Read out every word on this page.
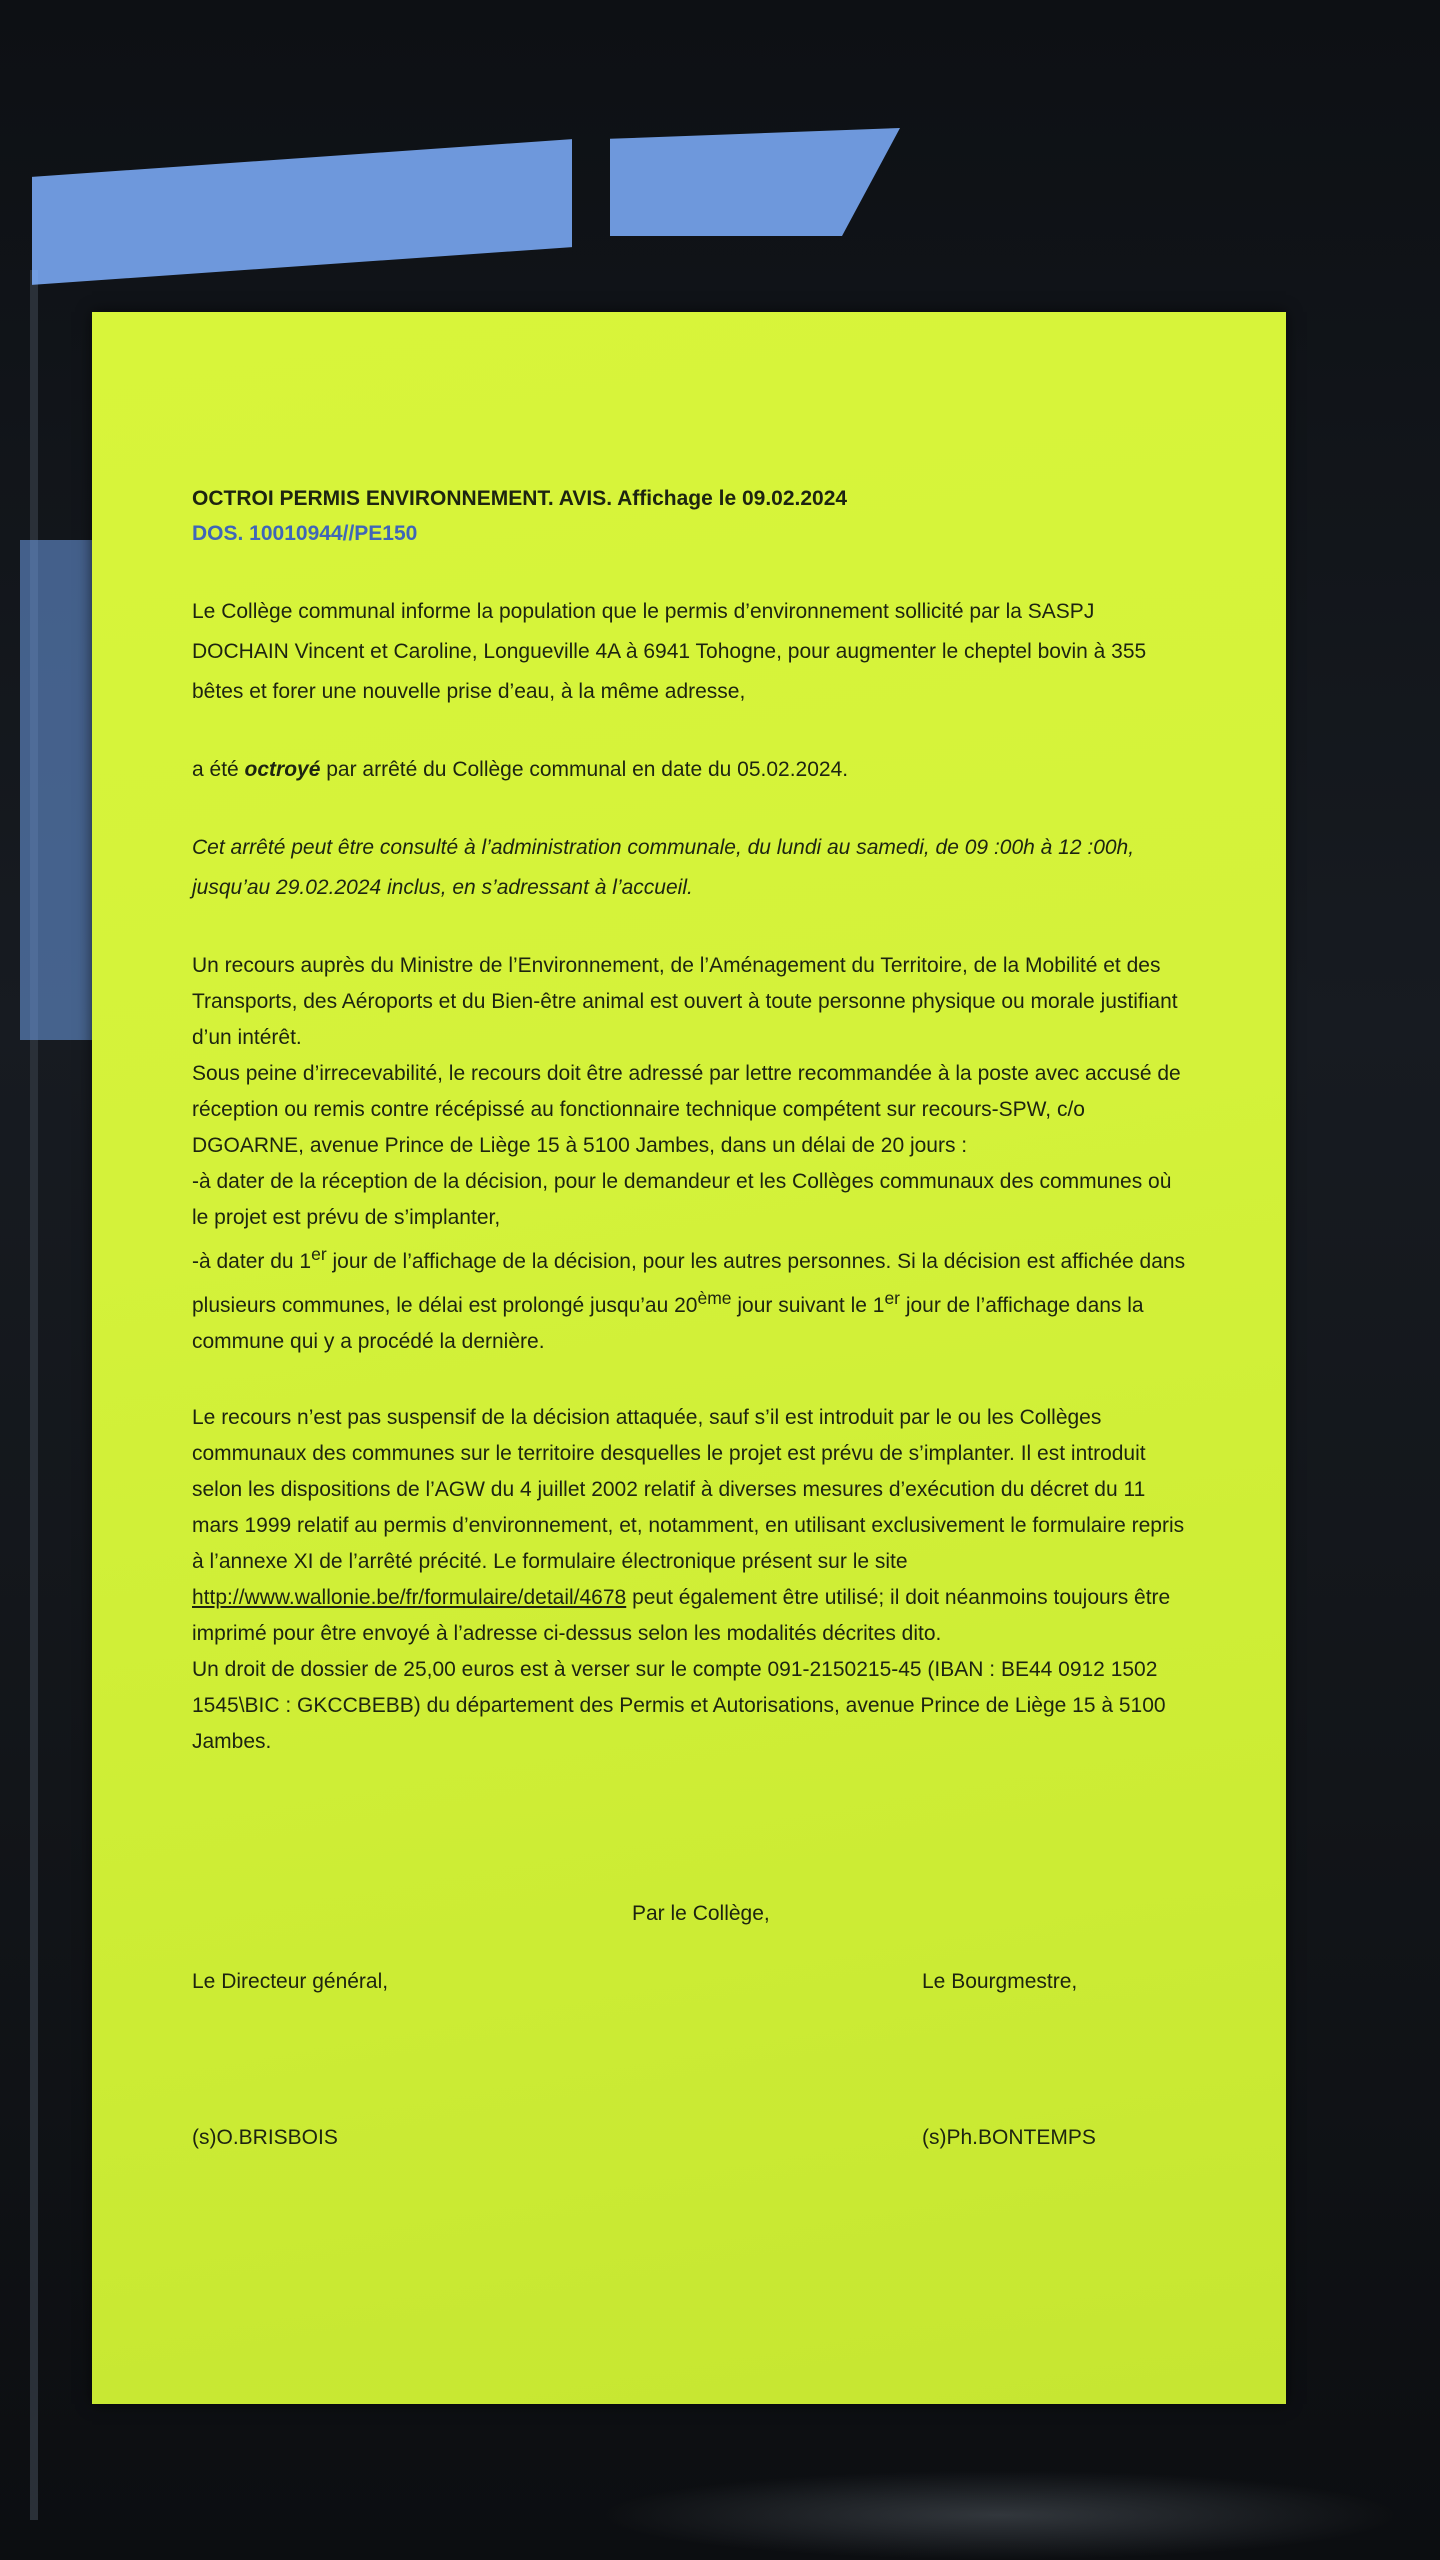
OCTROI PERMIS ENVIRONNEMENT. AVIS. Affichage le 09.02.2024
DOS. 10010944//PE150

Le Collège communal informe la population que le permis d’environnement sollicité par la SASPJ DOCHAIN Vincent et Caroline, Longueville 4A à 6941 Tohogne, pour augmenter le cheptel bovin à 355 bêtes et forer une nouvelle prise d’eau, à la même adresse,

a été octroyé par arrêté du Collège communal en date du 05.02.2024.

Cet arrêté peut être consulté à l’administration communale, du lundi au samedi, de 09 :00h à 12 :00h, jusqu’au 29.02.2024 inclus, en s’adressant à l’accueil.

Un recours auprès du Ministre de l’Environnement, de l’Aménagement du Territoire, de la Mobilité et des Transports, des Aéroports et du Bien-être animal est ouvert à toute personne physique ou morale justifiant d’un intérêt.

Sous peine d’irrecevabilité, le recours doit être adressé par lettre recommandée à la poste avec accusé de réception ou remis contre récépissé au fonctionnaire technique compétent sur recours-SPW, c/o DGOARNE, avenue Prince de Liège 15 à 5100 Jambes, dans un délai de 20 jours :

-à dater de la réception de la décision, pour le demandeur et les Collèges communaux des communes où le projet est prévu de s’implanter,

-à dater du 1er jour de l’affichage de la décision, pour les autres personnes. Si la décision est affichée dans plusieurs communes, le délai est prolongé jusqu’au 20ème jour suivant le 1er jour de l’affichage dans la commune qui y a procédé la dernière.

Le recours n’est pas suspensif de la décision attaquée, sauf s’il est introduit par le ou les Collèges communaux des communes sur le territoire desquelles le projet est prévu de s’implanter. Il est introduit selon les dispositions de l’AGW du 4 juillet 2002 relatif à diverses mesures d’exécution du décret du 11 mars 1999 relatif au permis d’environnement, et, notamment, en utilisant exclusivement le formulaire repris à l’annexe XI de l’arrêté précité. Le formulaire électronique présent sur le site http://www.wallonie.be/fr/formulaire/detail/4678 peut également être utilisé; il doit néanmoins toujours être imprimé pour être envoyé à l’adresse ci-dessus selon les modalités décrites dito.

Un droit de dossier de 25,00 euros est à verser sur le compte 091-2150215-45 (IBAN : BE44 0912 1502 1545\BIC : GKCCBEBB) du département des Permis et Autorisations, avenue Prince de Liège 15 à 5100 Jambes.

Par le Collège,
Le Directeur général,	Le Bourgmestre,
(s)O.BRISBOIS	(s)Ph.BONTEMPS
